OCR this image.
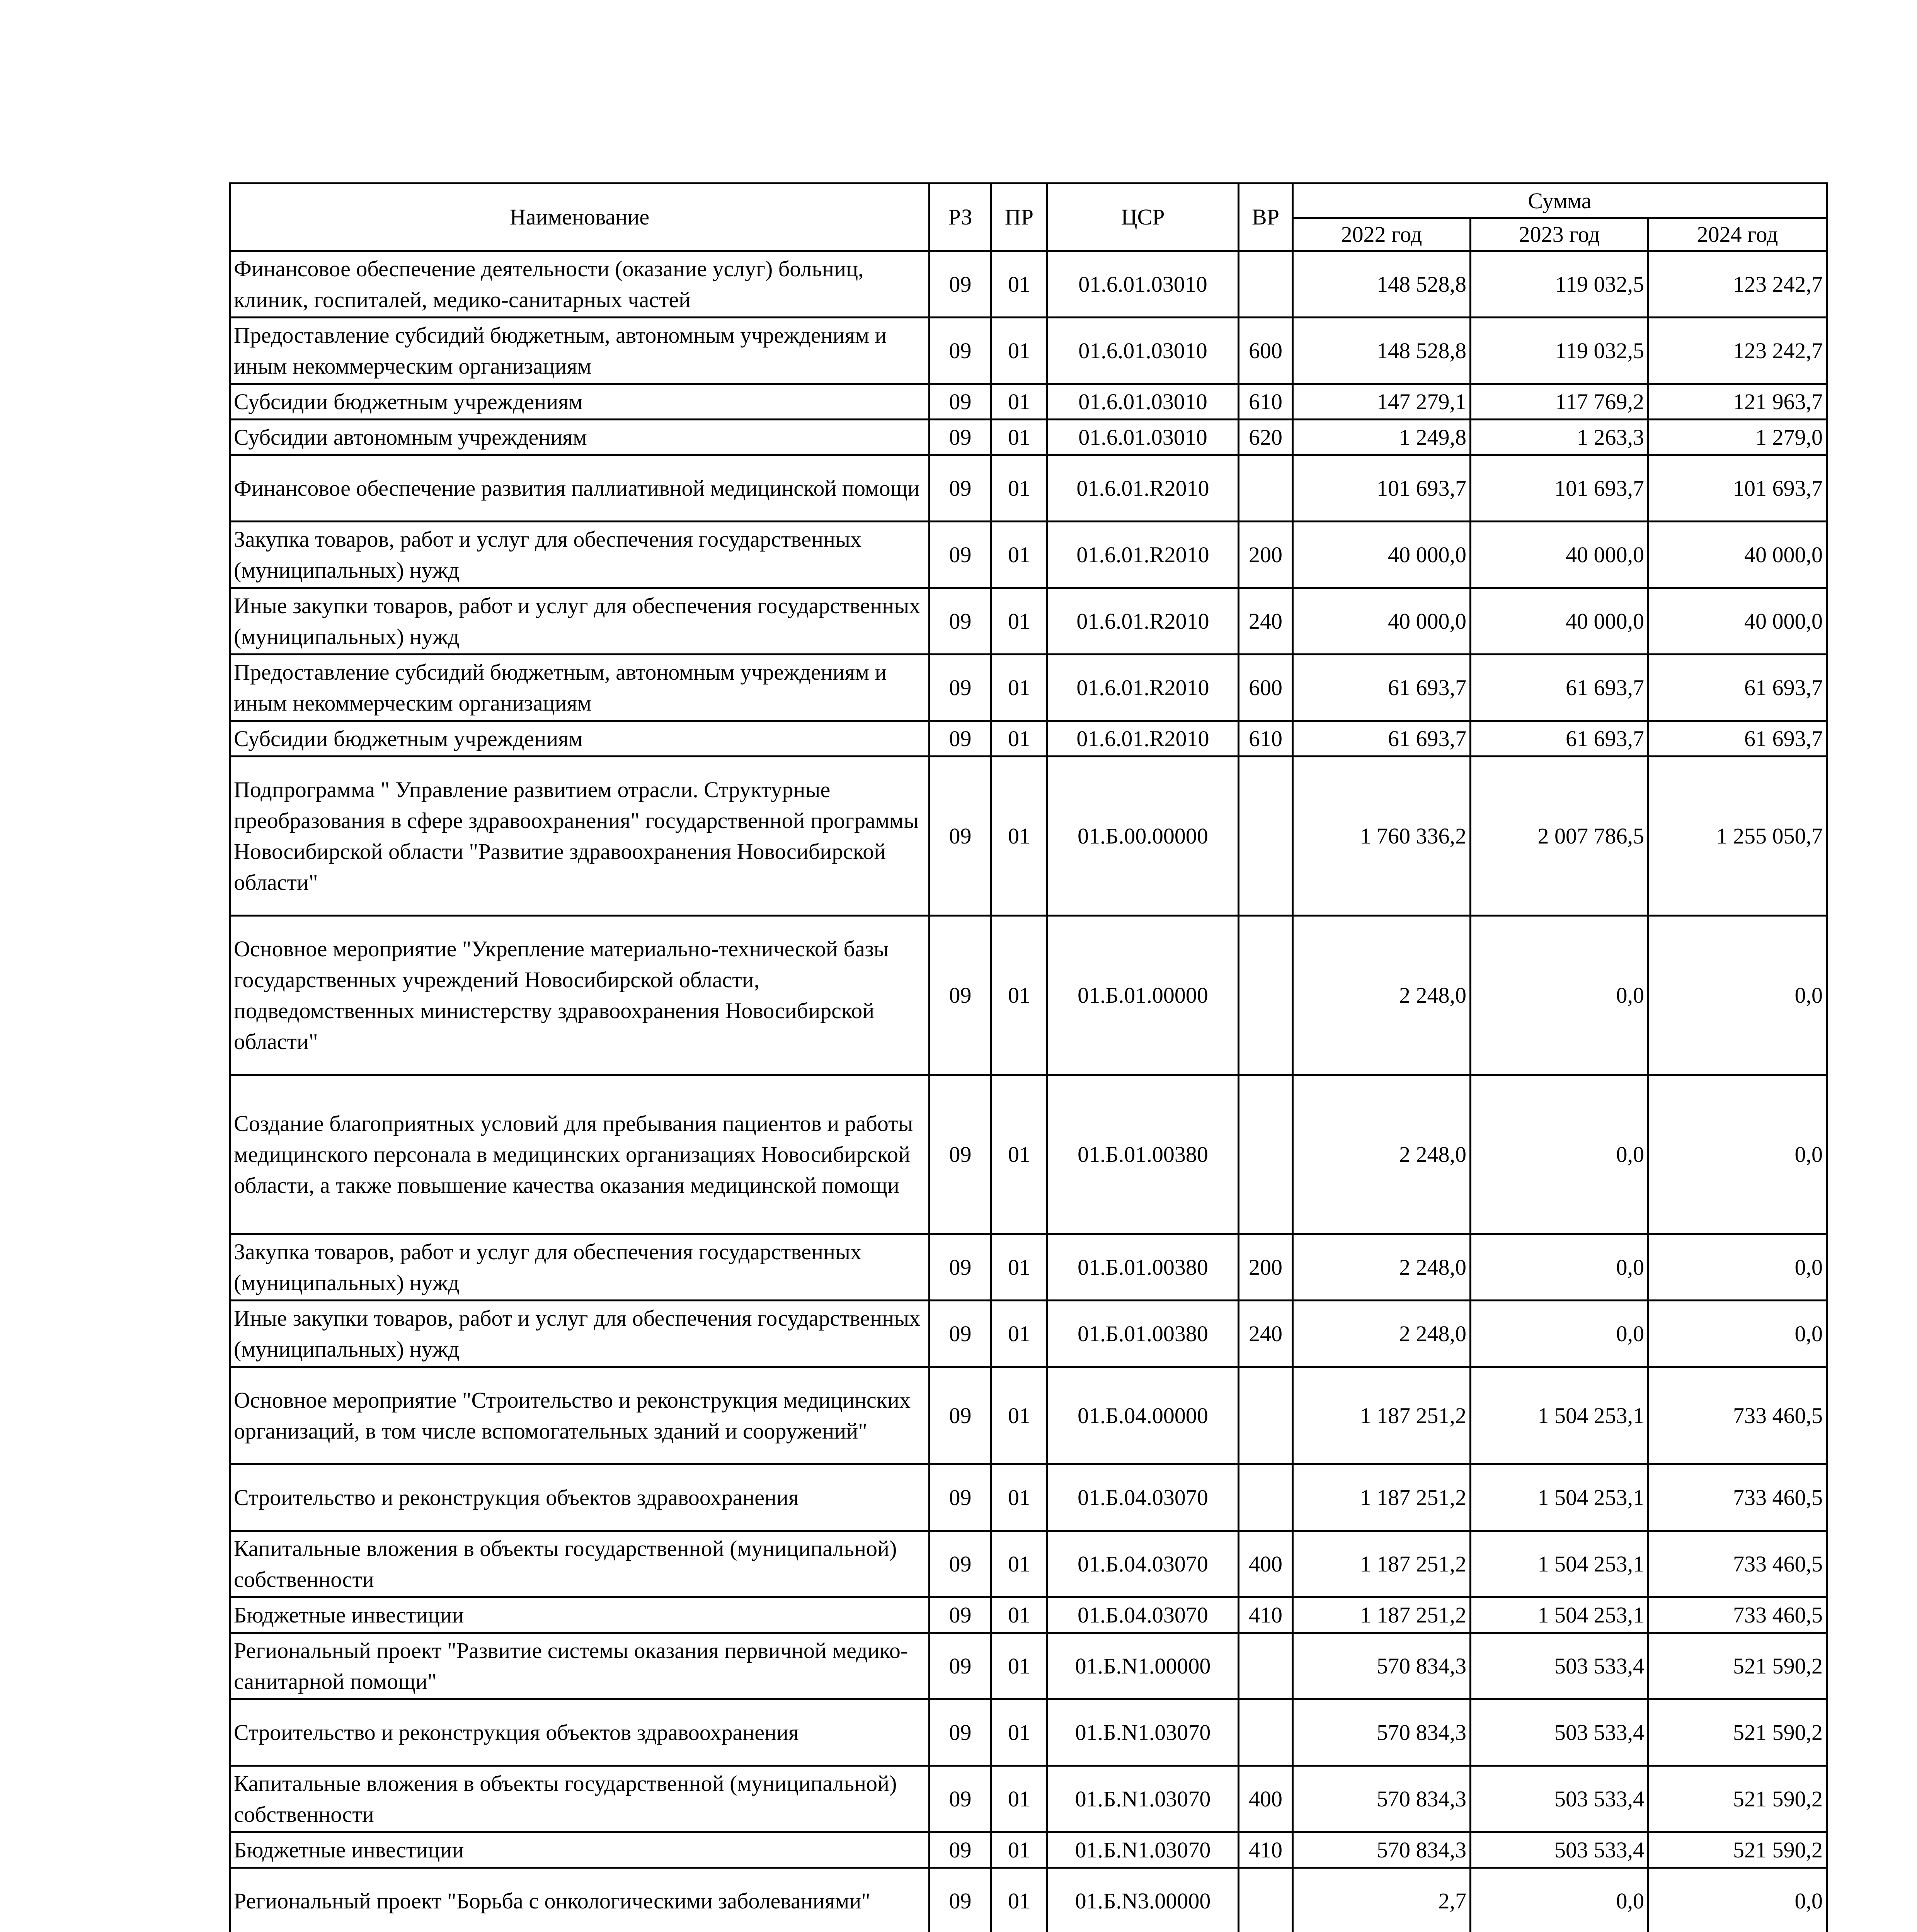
Наименование	РЗ	ПР	ЦСР	ВР	Сумма		
					2022 год	2023 год	2024 год
Финансовое обеспечение деятельности (оказание услуг) больниц, клиник, госпиталей, медико-санитарных частей	09	01	01.6.01.03010		148 528,8	119 032,5	123 242,7
Предоставление субсидий бюджетным, автономным учреждениям и иным некоммерческим организациям	09	01	01.6.01.03010	600	148 528,8	119 032,5	123 242,7
Субсидии бюджетным учреждениям	09	01	01.6.01.03010	610	147 279,1	117 769,2	121 963,7
Субсидии автономным учреждениям	09	01	01.6.01.03010	620	1 249,8	1 263,3	1 279,0
Финансовое обеспечение развития паллиативной медицинской помощи	09	01	01.6.01.R2010		101 693,7	101 693,7	101 693,7
Закупка товаров, работ и услуг для обеспечения государственных (муниципальных) нужд	09	01	01.6.01.R2010	200	40 000,0	40 000,0	40 000,0
Иные закупки товаров, работ и услуг для обеспечения государственных (муниципальных) нужд	09	01	01.6.01.R2010	240	40 000,0	40 000,0	40 000,0
Предоставление субсидий бюджетным, автономным учреждениям и иным некоммерческим организациям	09	01	01.6.01.R2010	600	61 693,7	61 693,7	61 693,7
Субсидии бюджетным учреждениям	09	01	01.6.01.R2010	610	61 693,7	61 693,7	61 693,7
Подпрограмма " Управление развитием отрасли. Структурные преобразования в сфере здравоохранения" государственной программы Новосибирской области "Развитие здравоохранения Новосибирской области"	09	01	01.Б.00.00000		1 760 336,2	2 007 786,5	1 255 050,7
Основное мероприятие "Укрепление материально-технической базы государственных учреждений Новосибирской области, подведомственных министерству здравоохранения Новосибирской области"	09	01	01.Б.01.00000		2 248,0	0,0	0,0
Создание благоприятных условий для пребывания пациентов и работы медицинского персонала в медицинских организациях Новосибирской области, а также повышение качества оказания медицинской помощи	09	01	01.Б.01.00380		2 248,0	0,0	0,0
Закупка товаров, работ и услуг для обеспечения государственных (муниципальных) нужд	09	01	01.Б.01.00380	200	2 248,0	0,0	0,0
Иные закупки товаров, работ и услуг для обеспечения государственных (муниципальных) нужд	09	01	01.Б.01.00380	240	2 248,0	0,0	0,0
Основное мероприятие "Строительство и реконструкция медицинских организаций, в том числе вспомогательных зданий и сооружений"	09	01	01.Б.04.00000		1 187 251,2	1 504 253,1	733 460,5
Строительство и реконструкция объектов здравоохранения	09	01	01.Б.04.03070		1 187 251,2	1 504 253,1	733 460,5
Капитальные вложения в объекты государственной (муниципальной) собственности	09	01	01.Б.04.03070	400	1 187 251,2	1 504 253,1	733 460,5
Бюджетные инвестиции	09	01	01.Б.04.03070	410	1 187 251,2	1 504 253,1	733 460,5
Региональный проект "Развитие системы оказания первичной медико-санитарной помощи"	09	01	01.Б.N1.00000		570 834,3	503 533,4	521 590,2
Строительство и реконструкция объектов здравоохранения	09	01	01.Б.N1.03070		570 834,3	503 533,4	521 590,2
Капитальные вложения в объекты государственной (муниципальной) собственности	09	01	01.Б.N1.03070	400	570 834,3	503 533,4	521 590,2
Бюджетные инвестиции	09	01	01.Б.N1.03070	410	570 834,3	503 533,4	521 590,2
Региональный проект "Борьба с онкологическими заболеваниями"	09	01	01.Б.N3.00000		2,7	0,0	0,0
